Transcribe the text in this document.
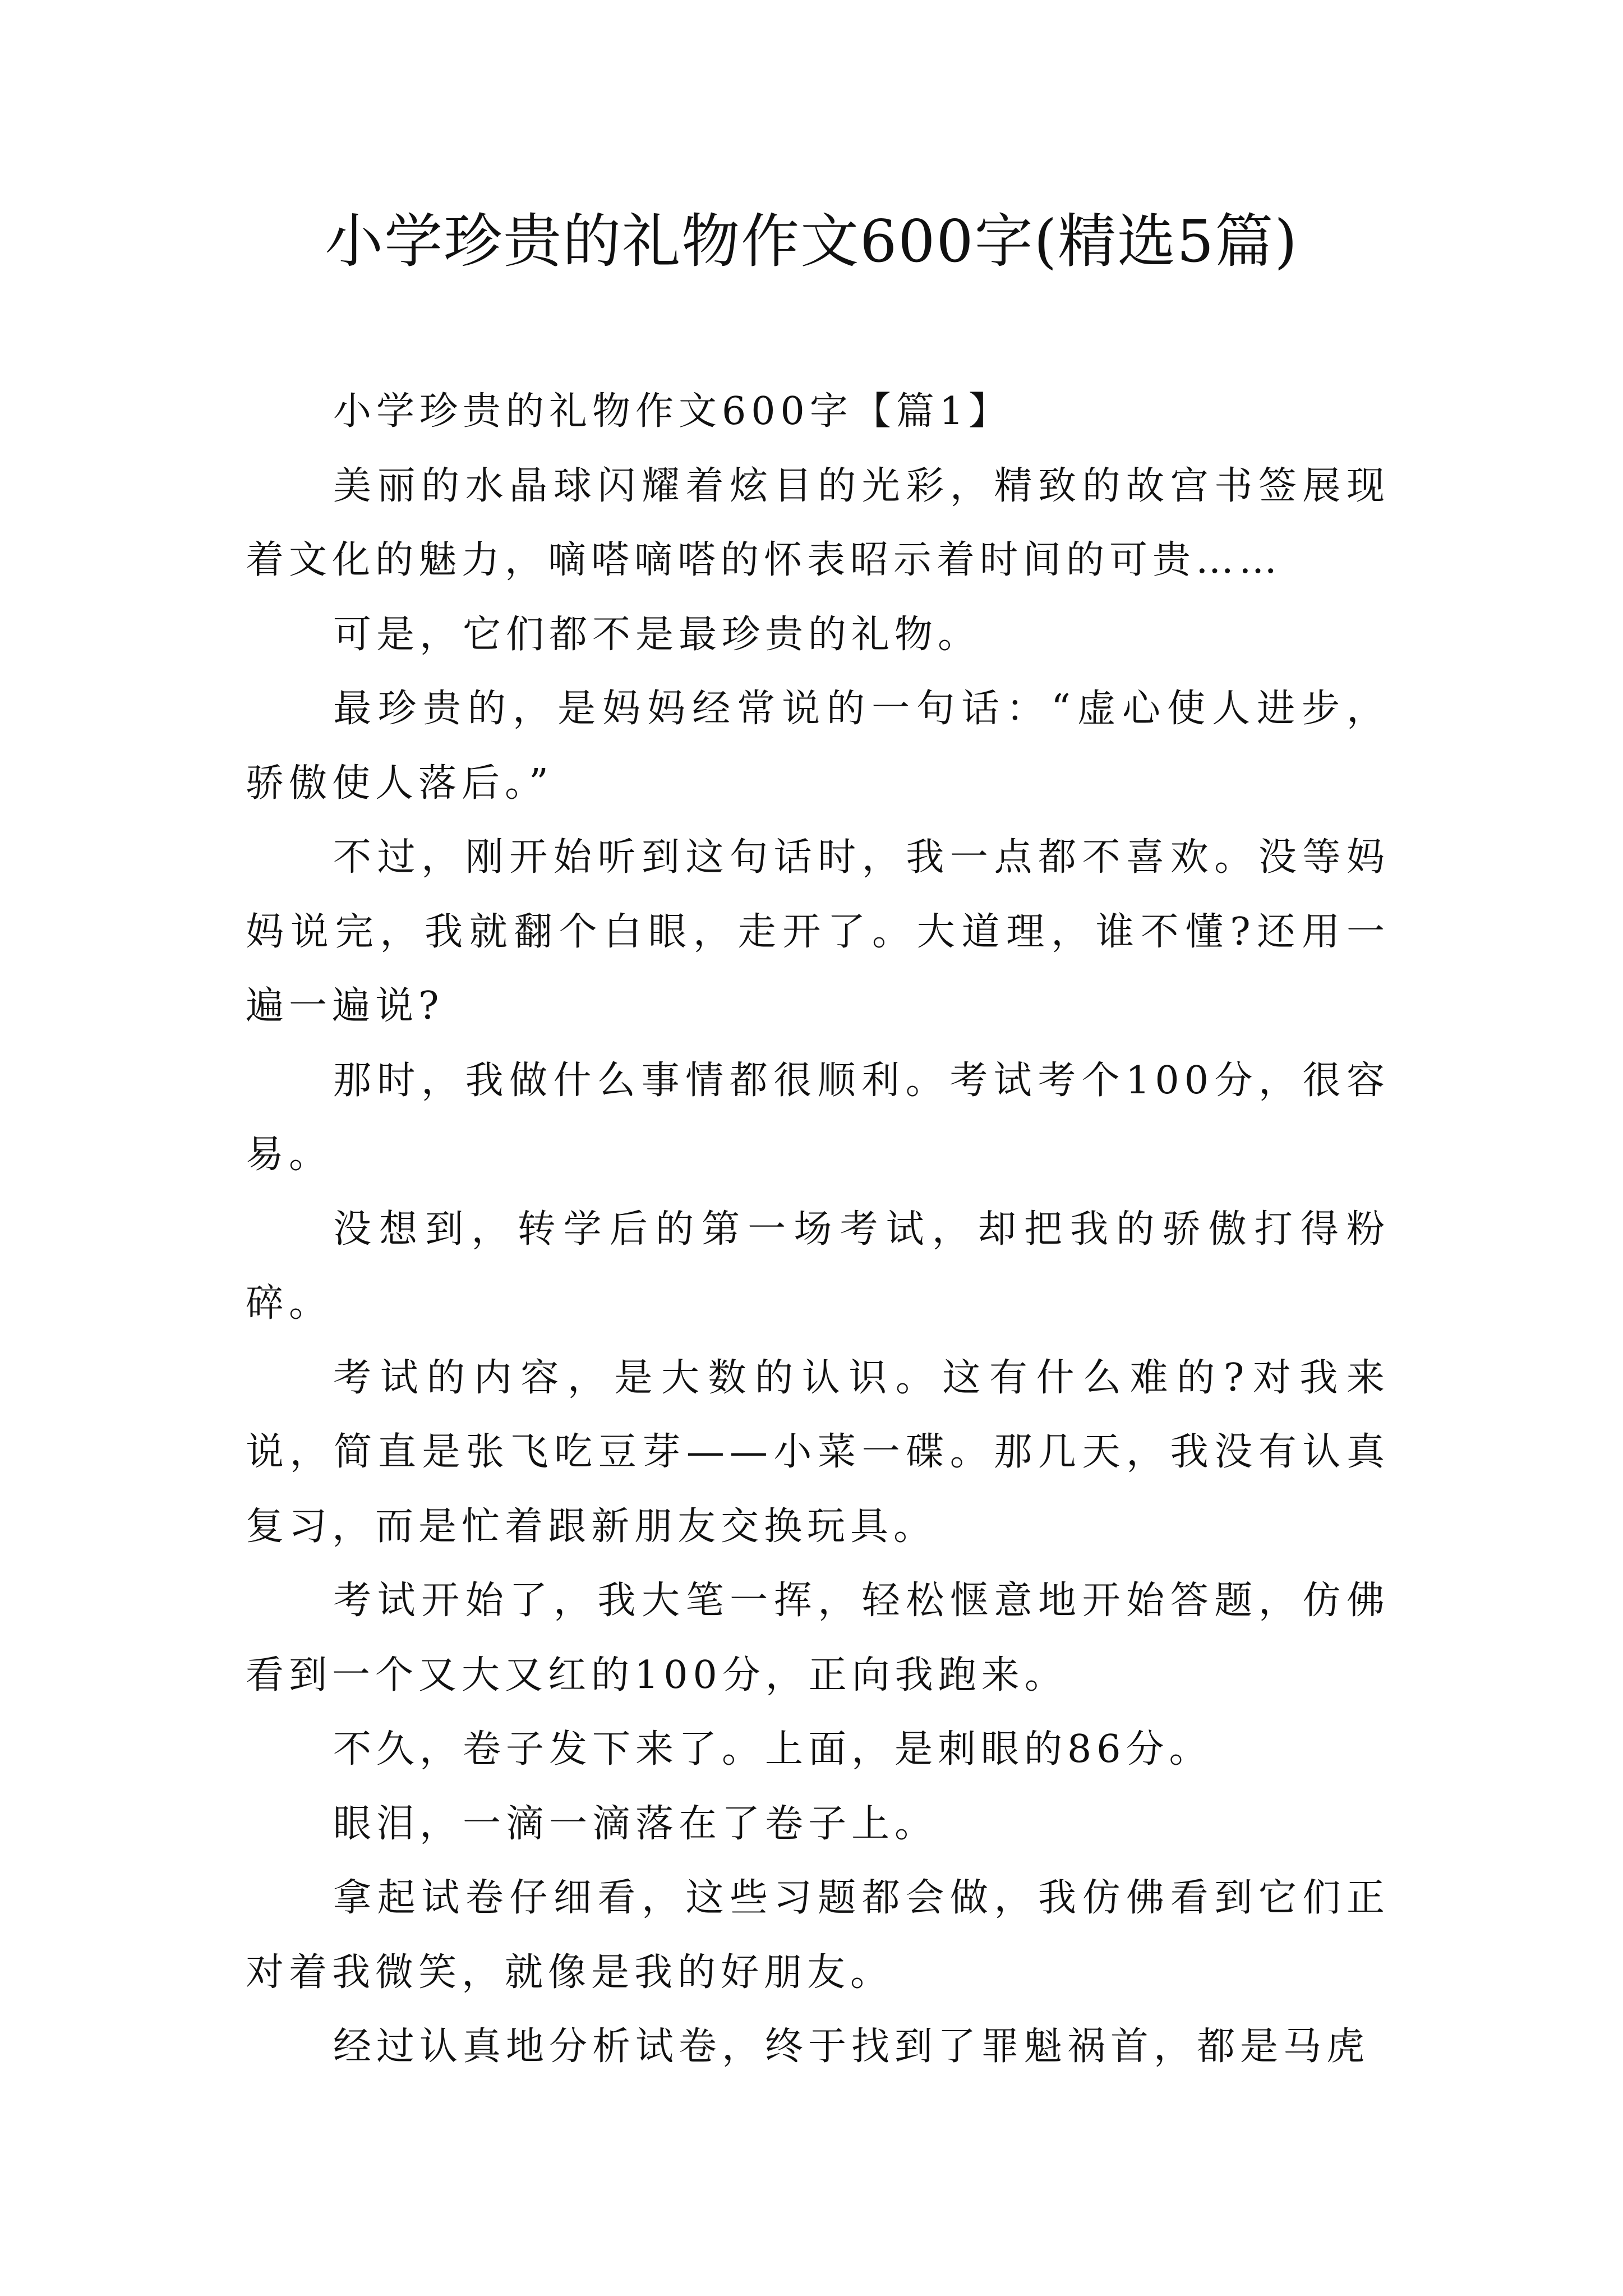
小学珍贵的礼物作文600字(精选5篇)

小学珍贵的礼物作文600字【篇1】

美丽的水晶球闪耀着炫目的光彩，精致的故宫书签展现着文化的魅力，嘀嗒嘀嗒的怀表昭示着时间的可贵……

可是，它们都不是最珍贵的礼物。

最珍贵的，是妈妈经常说的一句话：“虚心使人进步，骄傲使人落后。”

不过，刚开始听到这句话时，我一点都不喜欢。没等妈妈说完，我就翻个白眼，走开了。大道理，谁不懂?还用一遍一遍说?

那时，我做什么事情都很顺利。考试考个100分，很容易。

没想到，转学后的第一场考试，却把我的骄傲打得粉碎。

考试的内容，是大数的认识。这有什么难的?对我来说，简直是张飞吃豆芽——小菜一碟。那几天，我没有认真复习，而是忙着跟新朋友交换玩具。

考试开始了，我大笔一挥，轻松惬意地开始答题，仿佛看到一个又大又红的100分，正向我跑来。

不久，卷子发下来了。上面，是刺眼的86分。

眼泪，一滴一滴落在了卷子上。

拿起试卷仔细看，这些习题都会做，我仿佛看到它们正对着我微笑，就像是我的好朋友。

经过认真地分析试卷，终于找到了罪魁祸首，都是马虎
